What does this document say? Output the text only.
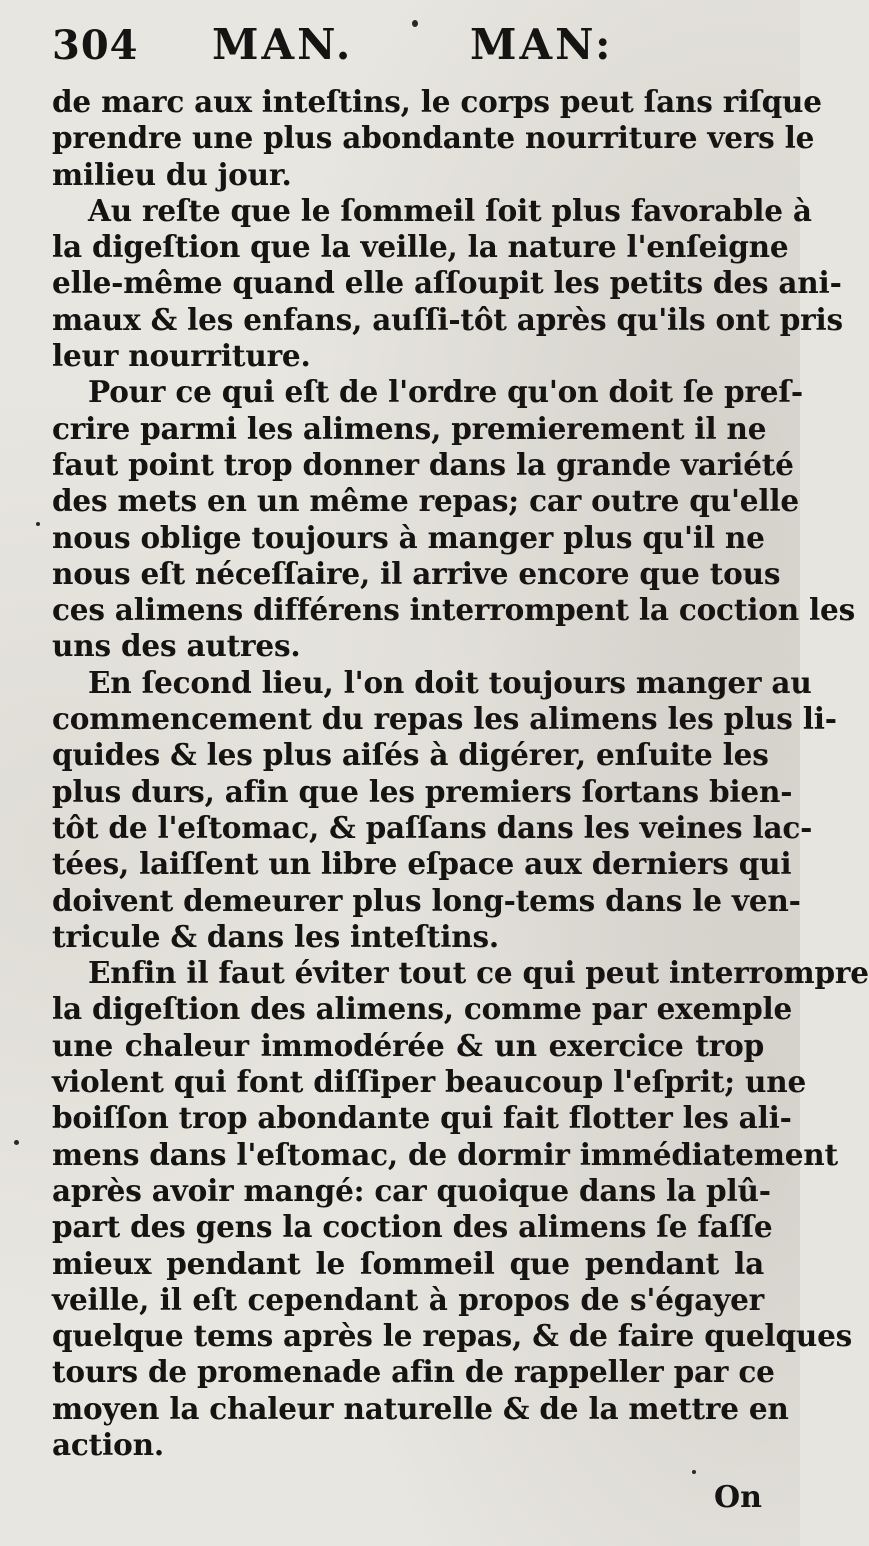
304 MAN.	MAN:
de marc aux inteſtins, le corps peut ſans riſque
prendre une plus abondante nourriture vers le
milieu du jour.
Au reſte que le ſommeil ſoit plus favorable à
la digeſtion que la veille, la nature l'enſeigne
elle-même quand elle aſſoupit les petits des ani-
maux & les enfans, auſſi-tôt après qu'ils ont pris
leur nourriture.
Pour ce qui eſt de l'ordre qu'on doit ſe preſ-
crire parmi les alimens, premierement il ne
faut point trop donner dans la grande variété
des mets en un même repas; car outre qu'elle
nous oblige toujours à manger plus qu'il ne
nous eſt néceſſaire, il arrive encore que tous
ces alimens différens interrompent la coction les
uns des autres.
En ſecond lieu, l'on doit toujours manger au
commencement du repas les alimens les plus li-
quides & les plus aiſés à digérer, enſuite les
plus durs, afin que les premiers ſortans bien-
tôt de l'eſtomac, & paſſans dans les veines lac-
tées, laiſſent un libre eſpace aux derniers qui
doivent demeurer plus long-tems dans le ven-
tricule & dans les inteſtins.
Enfin il faut éviter tout ce qui peut interrompre
la digeſtion des alimens, comme par exemple
une chaleur immodérée & un exercice trop
violent qui font diſſiper beaucoup l'eſprit; une
boiſſon trop abondante qui fait flotter les ali-
mens dans l'eſtomac, de dormir immédiatement
après avoir mangé: car quoique dans la plû-
part des gens la coction des alimens ſe faſſe
mieux pendant le ſommeil que pendant la
veille, il eſt cependant à propos de s'égayer
quelque tems après le repas, & de faire quelques
tours de promenade afin de rappeller par ce
moyen la chaleur naturelle & de la mettre en
action.
On
